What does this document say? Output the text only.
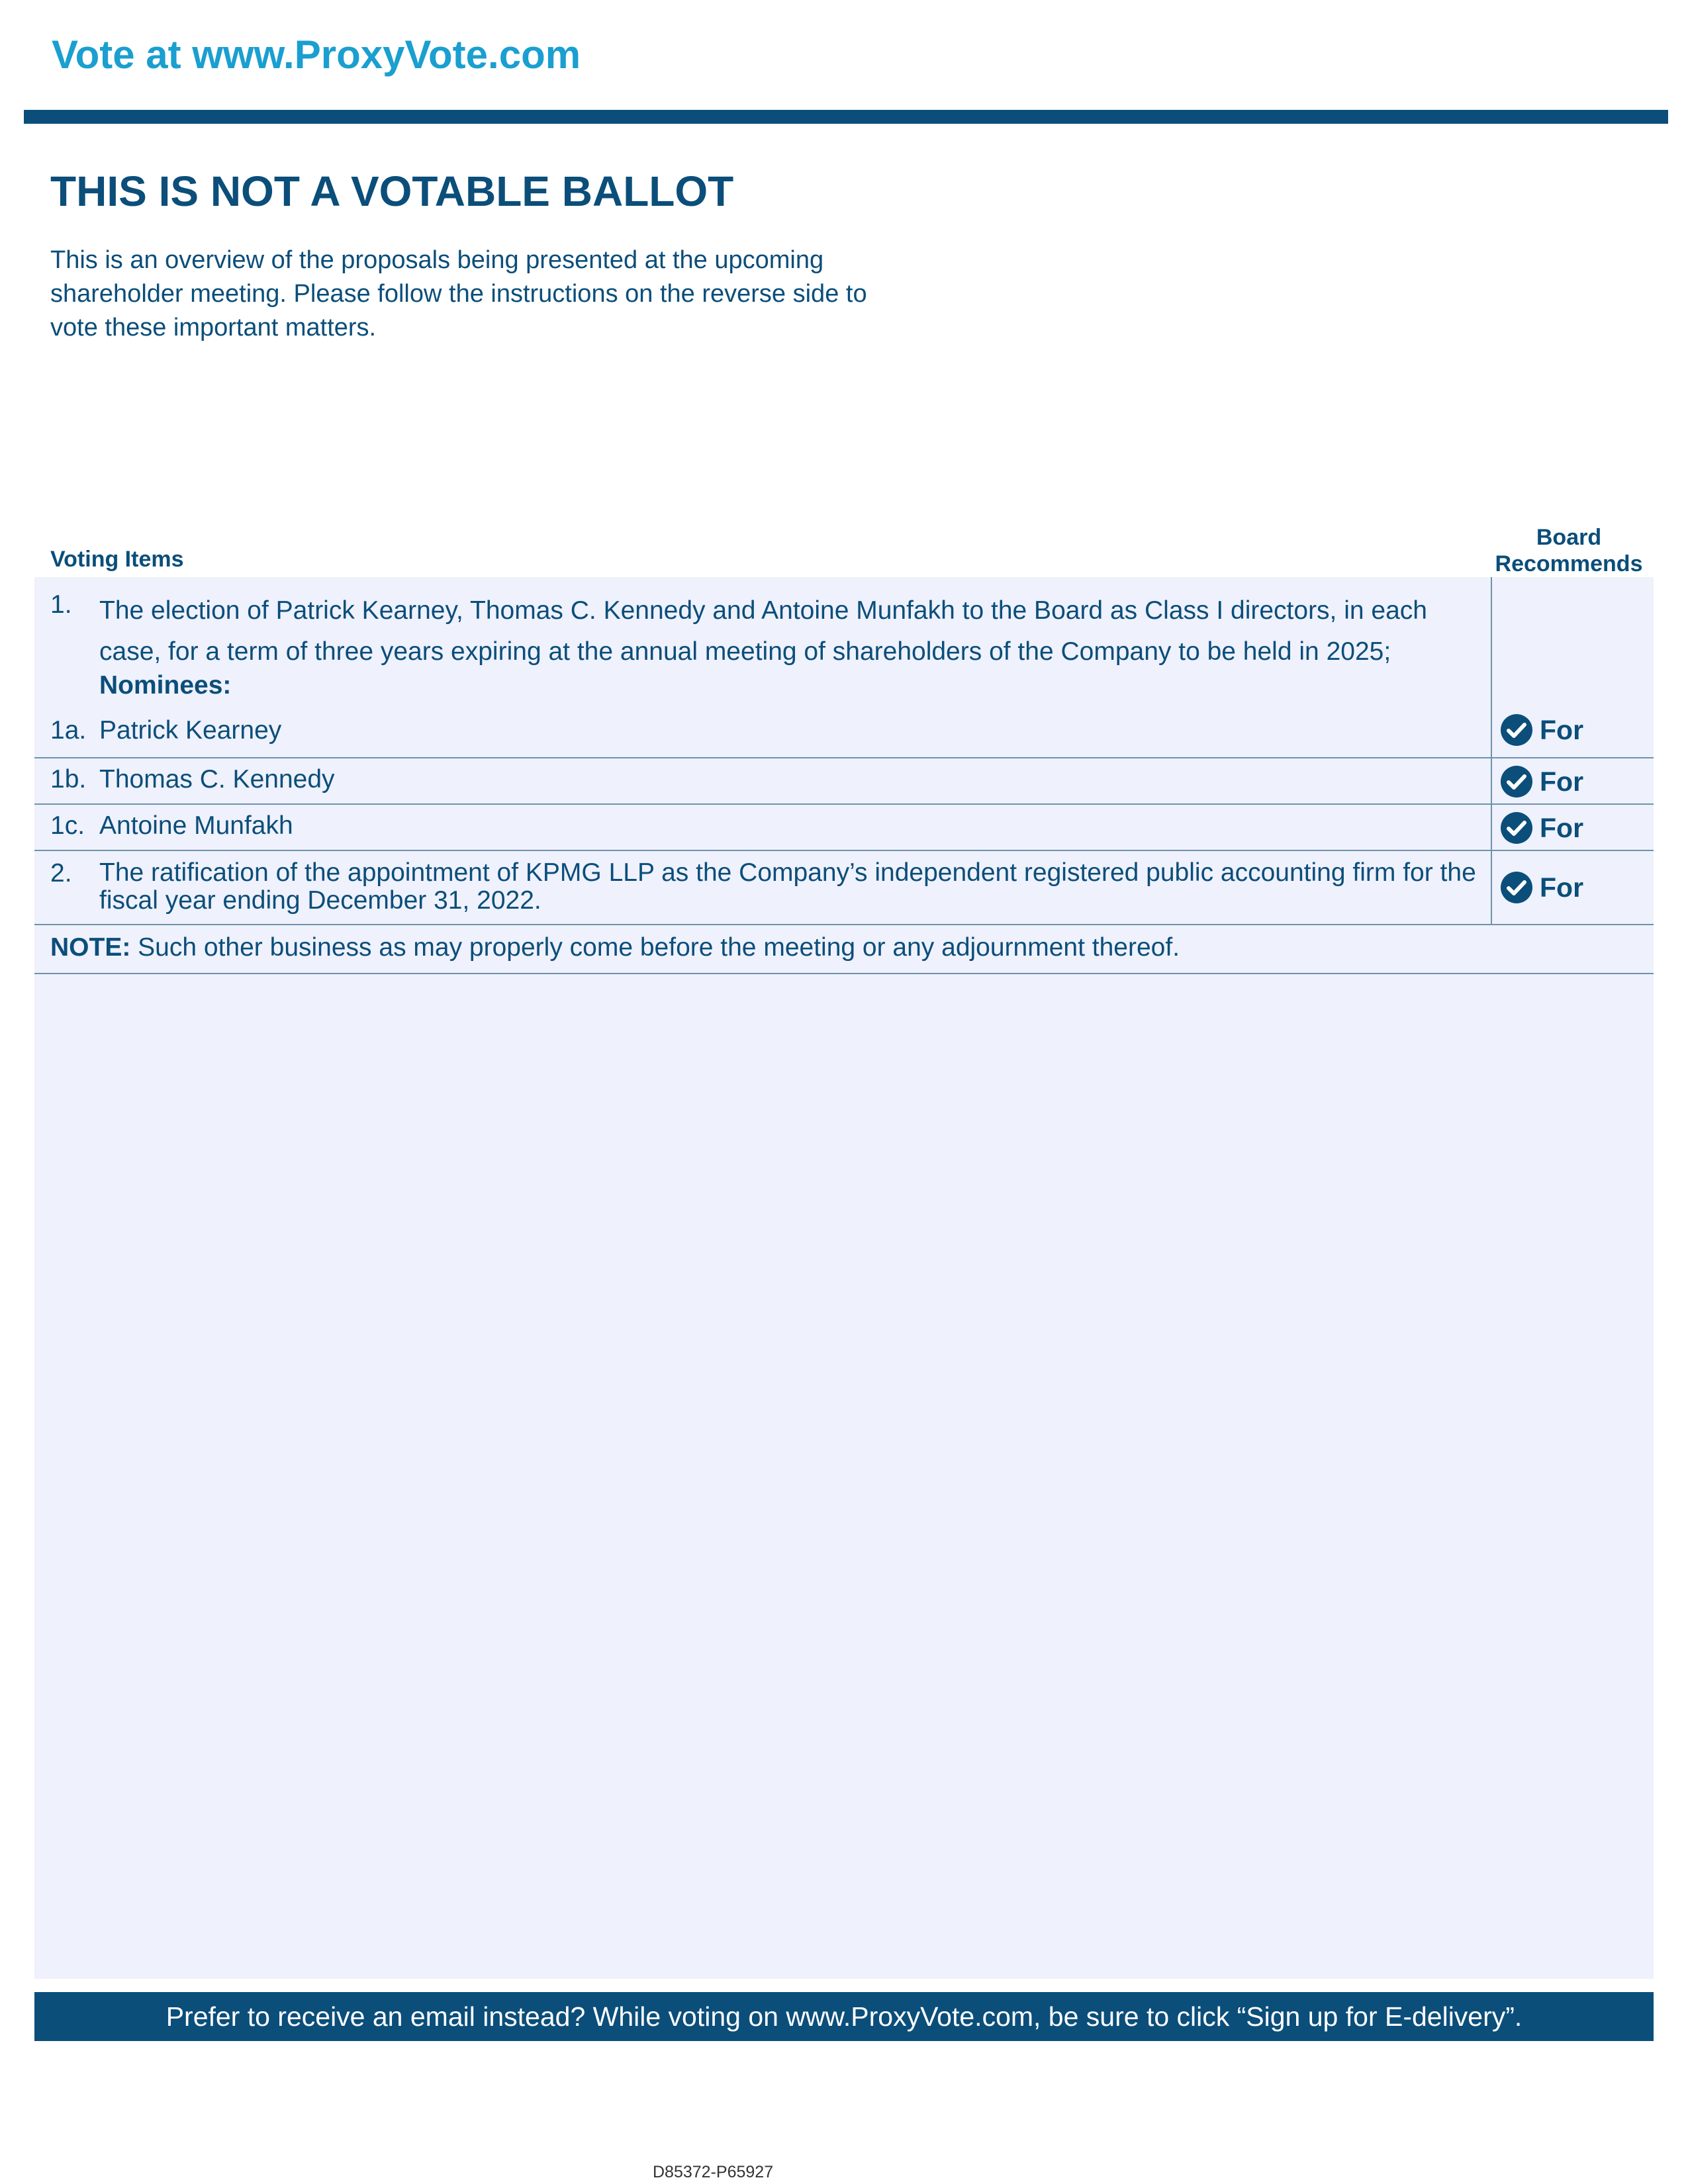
Vote at www.ProxyVote.com
THIS IS NOT A VOTABLE BALLOT
This is an overview of the proposals being presented at the upcoming shareholder meeting. Please follow the instructions on the reverse side to vote these important matters.
Voting Items
Board Recommends
1. The election of Patrick Kearney, Thomas C. Kennedy and Antoine Munfakh to the Board as Class I directors, in each case, for a term of three years expiring at the annual meeting of shareholders of the Company to be held in 2025;
Nominees:
1a. Patrick Kearney	For
1b. Thomas C. Kennedy	For
1c. Antoine Munfakh	For
2. The ratification of the appointment of KPMG LLP as the Company’s independent registered public accounting firm for the fiscal year ending December 31, 2022.	For
NOTE: Such other business as may properly come before the meeting or any adjournment thereof.
Prefer to receive an email instead? While voting on www.ProxyVote.com, be sure to click “Sign up for E-delivery”.
D85372-P65927
